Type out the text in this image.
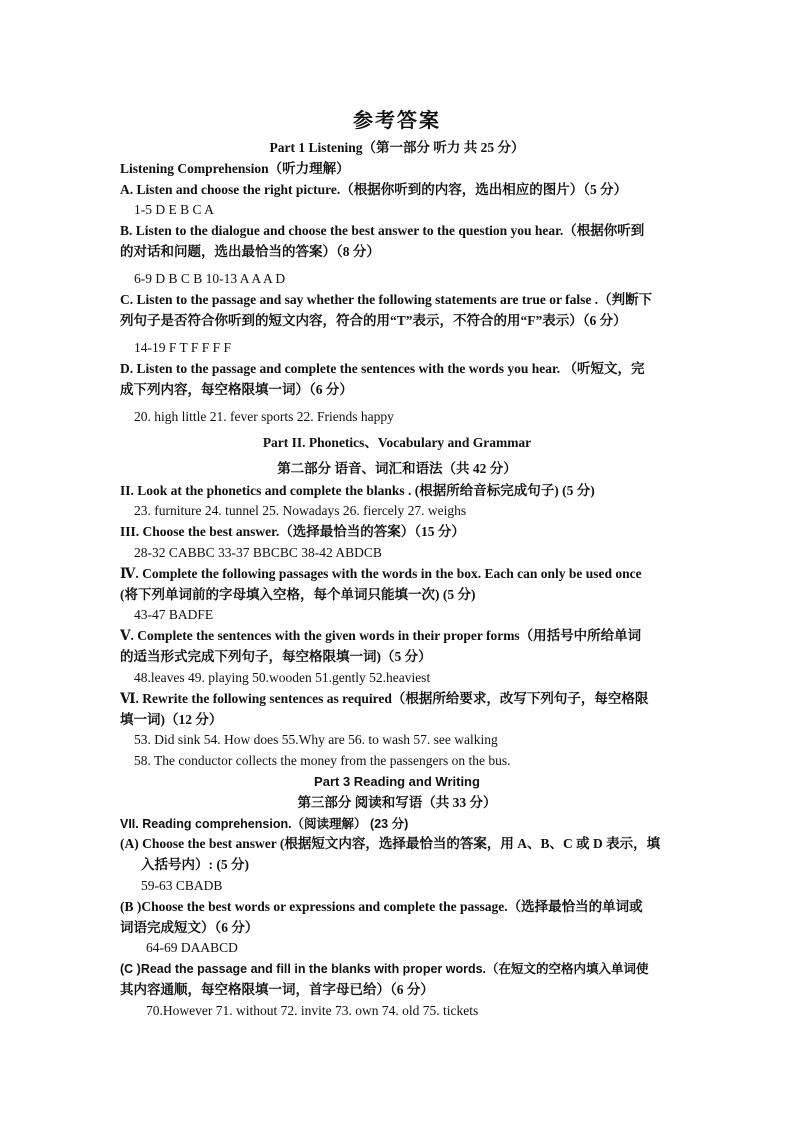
参考答案
Part 1 Listening（第一部分 听力 共 25 分）
Listening Comprehension（听力理解）
A. Listen and choose the right picture.（根据你听到的内容，选出相应的图片）（5 分）
1-5 D E B C A
B. Listen to the dialogue and choose the best answer to the question you hear.（根据你听到
的对话和问题，选出最恰当的答案）（8 分）
6-9 D B C B 10-13 A A A D
C. Listen to the passage and say whether the following statements are true or false .（判断下
列句子是否符合你听到的短文内容，符合的用“T”表示，不符合的用“F”表示）（6 分）
14-19 F T F F F F
D. Listen to the passage and complete the sentences with the words you hear. （听短文，完
成下列内容，每空格限填一词）（6 分）
20. high little 21. fever sports 22. Friends happy
Part II. Phonetics、Vocabulary and Grammar
第二部分 语音、词汇和语法（共 42 分）
II. Look at the phonetics and complete the blanks . (根据所给音标完成句子) (5 分)
23. furniture 24. tunnel 25. Nowadays 26. fiercely 27. weighs
III. Choose the best answer.（选择最恰当的答案）（15 分）
28-32 CABBC 33-37 BBCBC 38-42 ABDCB
Ⅳ. Complete the following passages with the words in the box. Each can only be used once
(将下列单词前的字母填入空格，每个单词只能填一次) (5 分)
43-47 BADFE
Ⅴ. Complete the sentences with the given words in their proper forms（用括号中所给单词
的适当形式完成下列句子，每空格限填一词)（5 分）
48.leaves 49. playing 50.wooden 51.gently 52.heaviest
Ⅵ. Rewrite the following sentences as required（根据所给要求，改写下列句子，每空格限
填一词)（12 分）
53. Did sink 54. How does 55.Why are 56. to wash 57. see walking
58. The conductor collects the money from the passengers on the bus.
Part 3 Reading and Writing
第三部分 阅读和写语（共 33 分）
VII. Reading comprehension.（阅读理解） (23 分)
(A) Choose the best answer (根据短文内容，选择最恰当的答案，用 A、B、C 或 D 表示，填
入括号内）: (5 分)
59-63 CBADB
(B )Choose the best words or expressions and complete the passage.（选择最恰当的单词或
词语完成短文）（6 分）
64-69 DAABCD
(C )Read the passage and fill in the blanks with proper words.（在短文的空格内填入单词使
其内容通顺，每空格限填一词，首字母已给）（6 分）
70.However 71. without 72. invite 73. own 74. old 75. tickets
